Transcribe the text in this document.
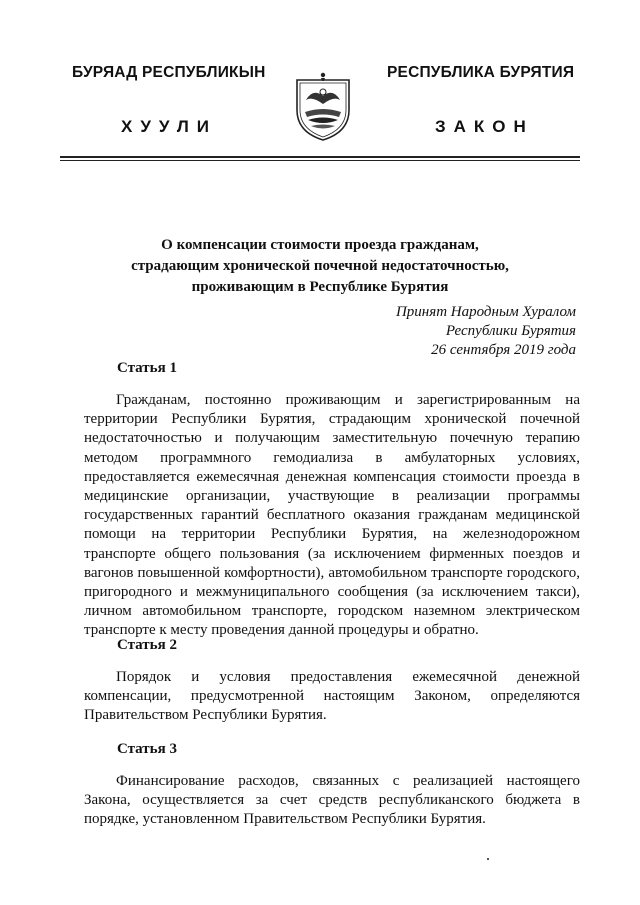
БУРЯАД РЕСПУБЛИКЫН
ХУУЛИ
РЕСПУБЛИКА БУРЯТИЯ
ЗАКОН
О компенсации стоимости проезда гражданам,
страдающим хронической почечной недостаточностью,
проживающим в Республике Бурятия
Принят Народным Хуралом
Республики Бурятия
26 сентября 2019 года
Статья 1

Гражданам, постоянно проживающим и зарегистрированным на территории Республики Бурятия, страдающим хронической почечной недостаточностью и получающим заместительную почечную терапию методом программного гемодиализа в амбулаторных условиях, предоставляется ежемесячная денежная компенсация стоимости проезда в медицинские организации, участвующие в реализации программы государственных гарантий бесплатного оказания гражданам медицинской помощи на территории Республики Бурятия, на железнодорожном транспорте общего пользования (за исключением фирменных поездов и вагонов повышенной комфортности), автомобильном транспорте городского, пригородного и межмуниципального сообщения (за исключением такси), личном автомобильном транспорте, городском наземном электрическом транспорте к месту проведения данной процедуры и обратно.

Статья 2

Порядок и условия предоставления ежемесячной денежной компенсации, предусмотренной настоящим Законом, определяются Правительством Республики Бурятия.

Статья 3

Финансирование расходов, связанных с реализацией настоящего Закона, осуществляется за счет средств республиканского бюджета в порядке, установленном Правительством Республики Бурятия.
